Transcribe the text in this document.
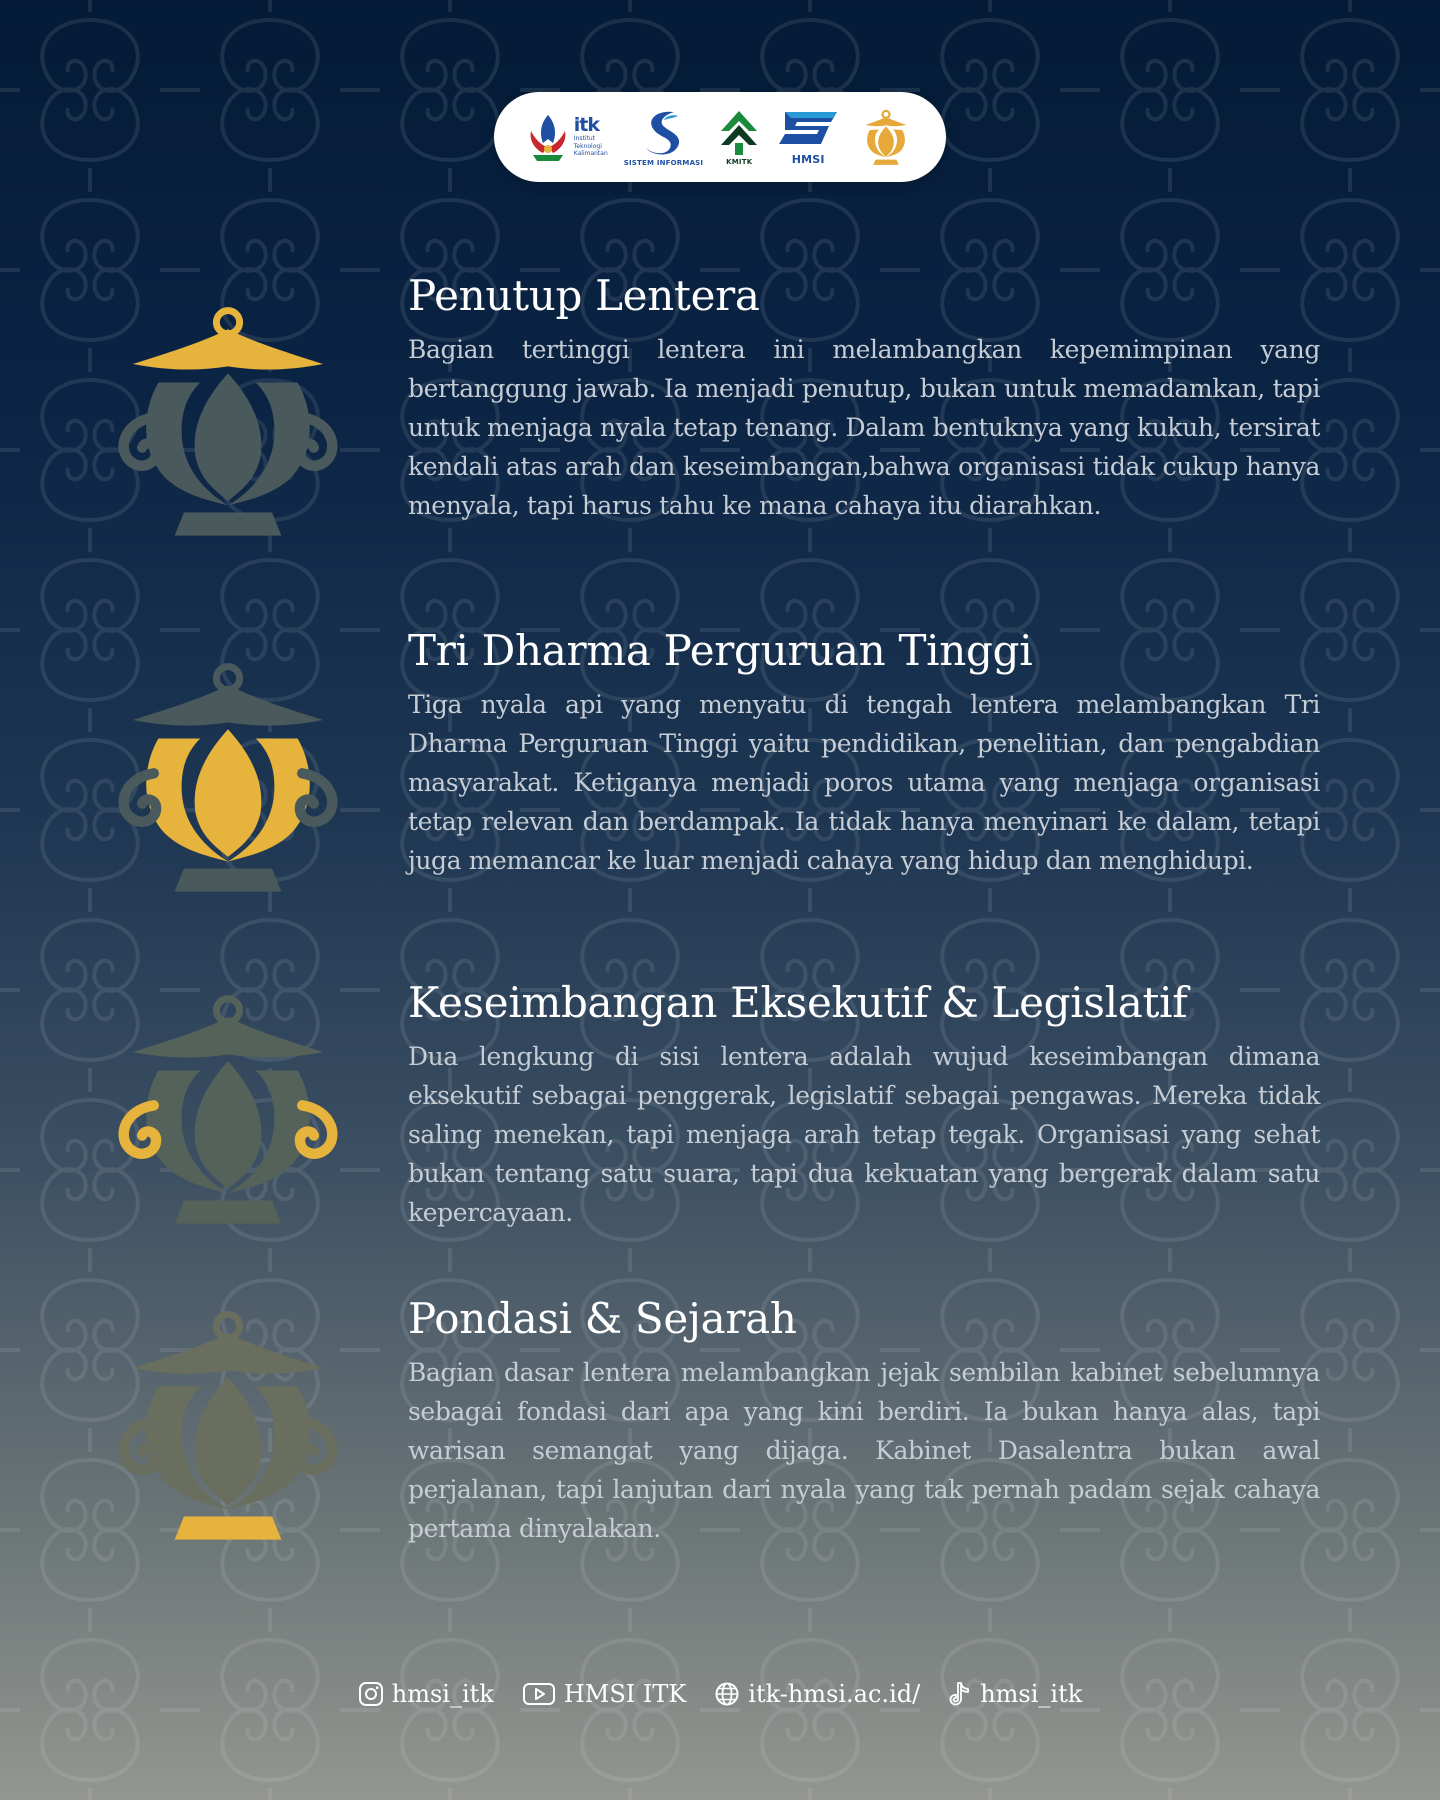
itk
Institut
Teknologi
Kalimantan
SISTEM INFORMASI	KMITK	HMSI
Penutup Lentera

Bagian tertinggi lentera ini melambangkan kepemimpinan yang bertanggung jawab. Ia menjadi penutup, bukan untuk memadamkan, tapi untuk menjaga nyala tetap tenang. Dalam bentuknya yang kukuh, tersirat kendali atas arah dan keseimbangan,bahwa organisasi tidak cukup hanya menyala, tapi harus tahu ke mana cahaya itu diarahkan.

Tri Dharma Perguruan Tinggi

Tiga nyala api yang menyatu di tengah lentera melambangkan Tri Dharma Perguruan Tinggi yaitu pendidikan, penelitian, dan pengabdian masyarakat. Ketiganya menjadi poros utama yang menjaga organisasi tetap relevan dan berdampak. Ia tidak hanya menyinari ke dalam, tetapi juga memancar ke luar menjadi cahaya yang hidup dan menghidupi.

Keseimbangan Eksekutif & Legislatif

Dua lengkung di sisi lentera adalah wujud keseimbangan dimana eksekutif sebagai penggerak, legislatif sebagai pengawas. Mereka tidak saling menekan, tapi menjaga arah tetap tegak. Organisasi yang sehat bukan tentang satu suara, tapi dua kekuatan yang bergerak dalam satu kepercayaan.

Pondasi & Sejarah

Bagian dasar lentera melambangkan jejak sembilan kabinet sebelumnya sebagai fondasi dari apa yang kini berdiri. Ia bukan hanya alas, tapi warisan semangat yang dijaga. Kabinet Dasalentra bukan awal perjalanan, tapi lanjutan dari nyala yang tak pernah padam sejak cahaya pertama dinyalakan.

hmsi_itk	HMSI ITK	itk-hmsi.ac.id/	hmsi_itk
